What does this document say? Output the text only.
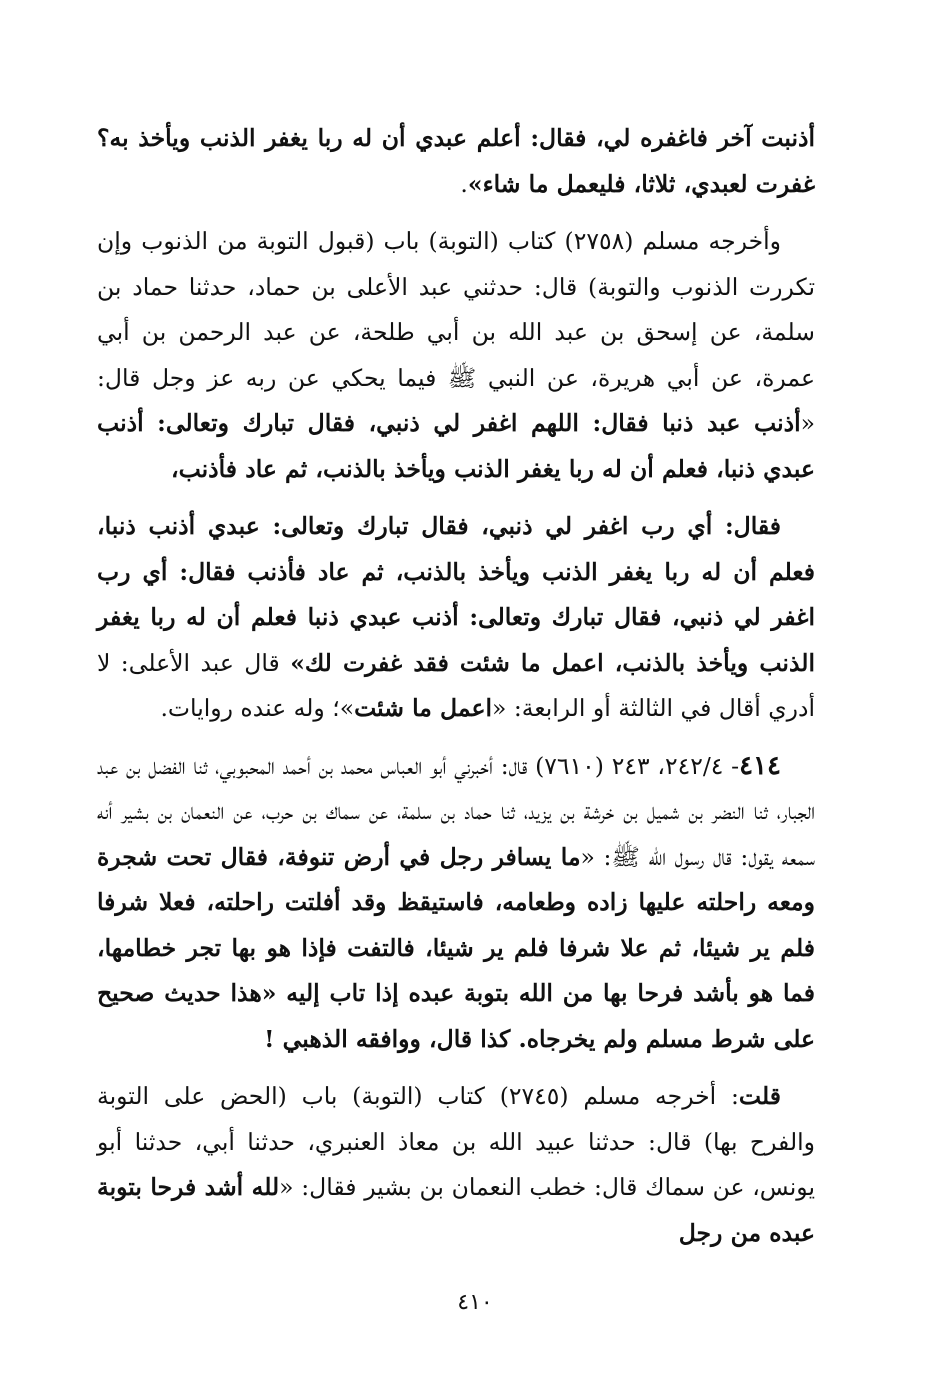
أذنبت آخر فاغفره لي، فقال: أعلم عبدي أن له ربا يغفر الذنب ويأخذ به؟ غفرت لعبدي، ثلاثا، فليعمل ما شاء».

وأخرجه مسلم (٢٧٥٨) كتاب (التوبة) باب (قبول التوبة من الذنوب وإن تكررت الذنوب والتوبة) قال: حدثني عبد الأعلى بن حماد، حدثنا حماد بن سلمة، عن إسحق بن عبد الله بن أبي طلحة، عن عبد الرحمن بن أبي عمرة، عن أبي هريرة، عن النبي ﷺ فيما يحكي عن ربه عز وجل قال: «أذنب عبد ذنبا فقال: اللهم اغفر لي ذنبي، فقال تبارك وتعالى: أذنب عبدي ذنبا، فعلم أن له ربا يغفر الذنب ويأخذ بالذنب، ثم عاد فأذنب،

فقال: أي رب اغفر لي ذنبي، فقال تبارك وتعالى: عبدي أذنب ذنبا، فعلم أن له ربا يغفر الذنب ويأخذ بالذنب، ثم عاد فأذنب فقال: أي رب اغفر لي ذنبي، فقال تبارك وتعالى: أذنب عبدي ذنبا فعلم أن له ربا يغفر الذنب ويأخذ بالذنب، اعمل ما شئت فقد غفرت لك» قال عبد الأعلى: لا أدري أقال في الثالثة أو الرابعة: «اعمل ما شئت»؛ وله عنده روايات.

٤١٤- ٢٤٢/٤، ٢٤٣ (٧٦١٠) قال: أخبرني أبو العباس محمد بن أحمد المحبوبي، ثنا الفضل بن عبد الجبار، ثنا النضر بن شميل بن خرشة بن يزيد، ثنا حماد بن سلمة، عن سماك بن حرب، عن النعمان بن بشير أنه سمعه يقول: قال رسول الله ﷺ: «ما يسافر رجل في أرض تنوفة، فقال تحت شجرة ومعه راحلته عليها زاده وطعامه، فاستيقظ وقد أفلتت راحلته، فعلا شرفا فلم ير شيئا، ثم علا شرفا فلم ير شيئا، فالتفت فإذا هو بها تجر خطامها، فما هو بأشد فرحا بها من الله بتوبة عبده إذا تاب إليه «هذا حديث صحيح على شرط مسلم ولم يخرجاه. كذا قال، ووافقه الذهبي !

قلت: أخرجه مسلم (٢٧٤٥) كتاب (التوبة) باب (الحض على التوبة والفرح بها) قال: حدثنا عبيد الله بن معاذ العنبري، حدثنا أبي، حدثنا أبو يونس، عن سماك قال: خطب النعمان بن بشير فقال: «لله أشد فرحا بتوبة عبده من رجل

٤١٠
